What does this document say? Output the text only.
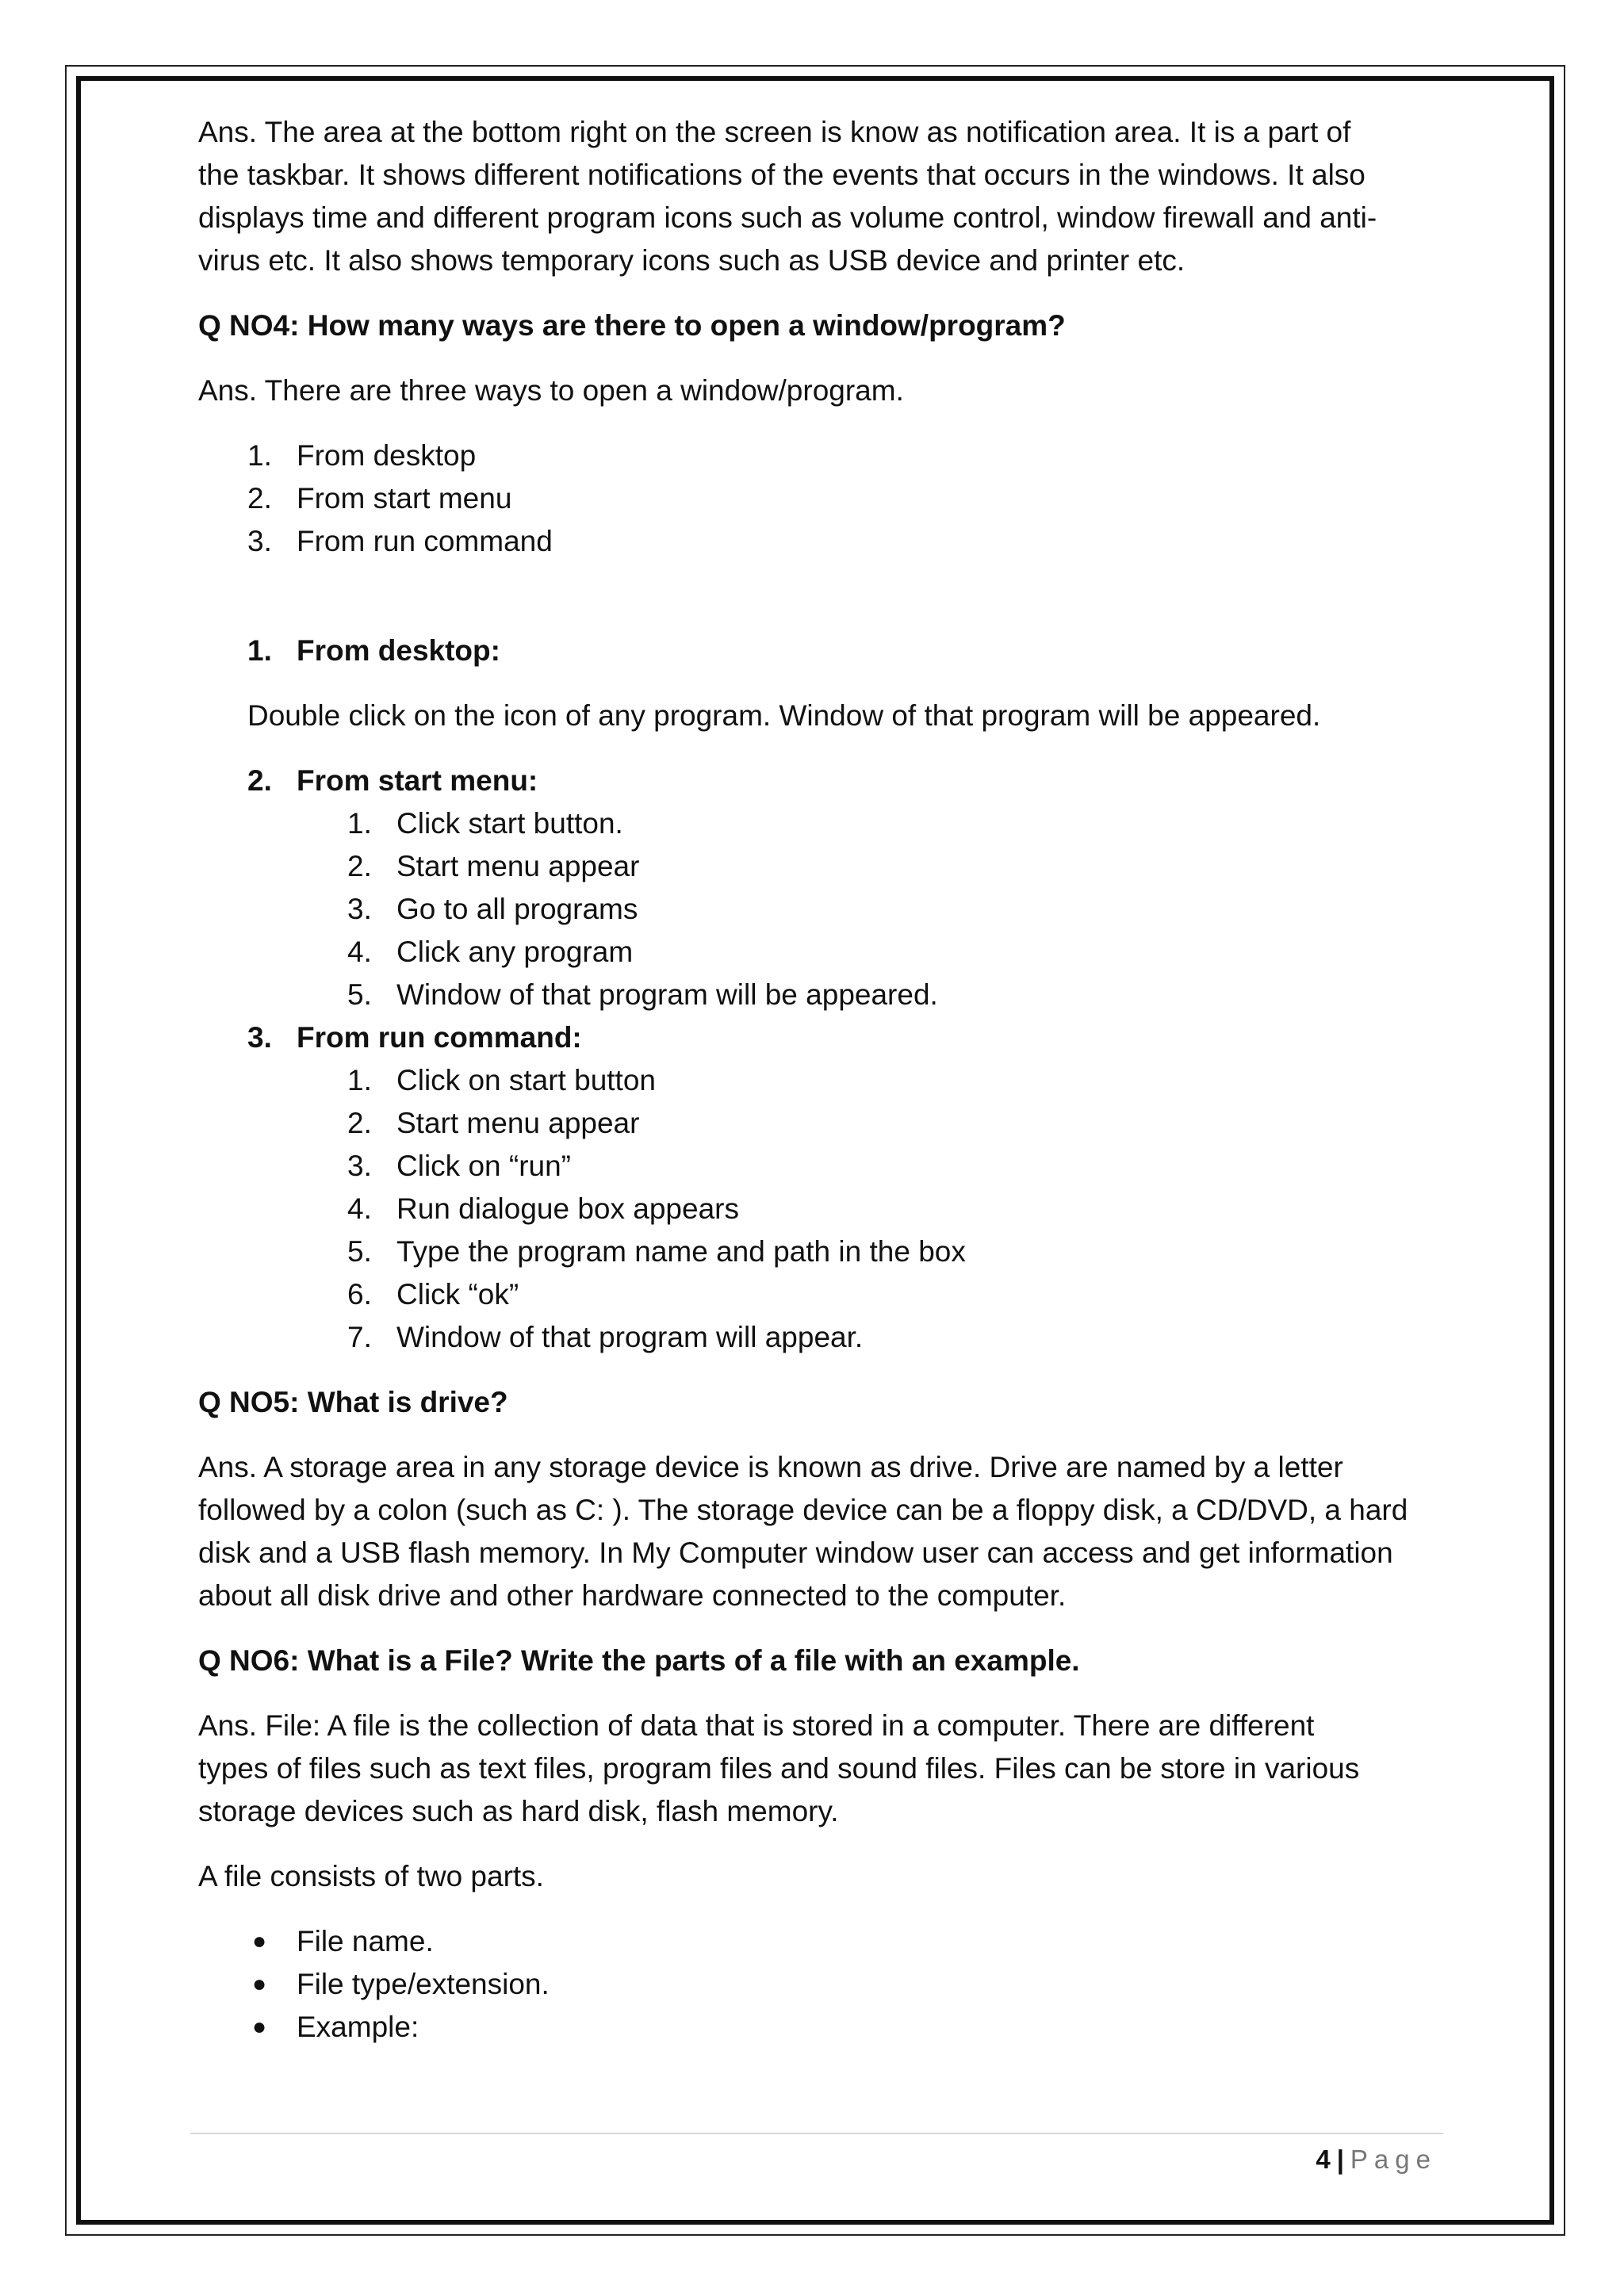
Ans. The area at the bottom right on the screen is know as notification area. It is a part of

the taskbar. It shows different notifications of the events that occurs in the windows. It also

displays time and different program icons such as volume control, window firewall and anti-

virus etc. It also shows temporary icons such as USB device and printer etc.

Q NO4: How many ways are there to open a window/program?

Ans. There are three ways to open a window/program.

1. From desktop
2. From start menu
3. From run command
1. From desktop:

Double click on the icon of any program. Window of that program will be appeared.

2. From start menu:
1. Click start button.
2. Start menu appear
3. Go to all programs
4. Click any program
5. Window of that program will be appeared.
3. From run command:
1. Click on start button
2. Start menu appear
3. Click on “run”
4. Run dialogue box appears
5. Type the program name and path in the box
6. Click “ok”
7. Window of that program will appear.

Q NO5: What is drive?

Ans. A storage area in any storage device is known as drive. Drive are named by a letter

followed by a colon (such as C: ). The storage device can be a floppy disk, a CD/DVD, a hard

disk and a USB flash memory. In My Computer window user can access and get information

about all disk drive and other hardware connected to the computer.

Q NO6: What is a File? Write the parts of a file with an example.

Ans. File: A file is the collection of data that is stored in a computer. There are different

types of files such as text files, program files and sound files. Files can be store in various

storage devices such as hard disk, flash memory.

A file consists of two parts.

●	File name.
●	File type/extension.
●	Example:
4 | Page
